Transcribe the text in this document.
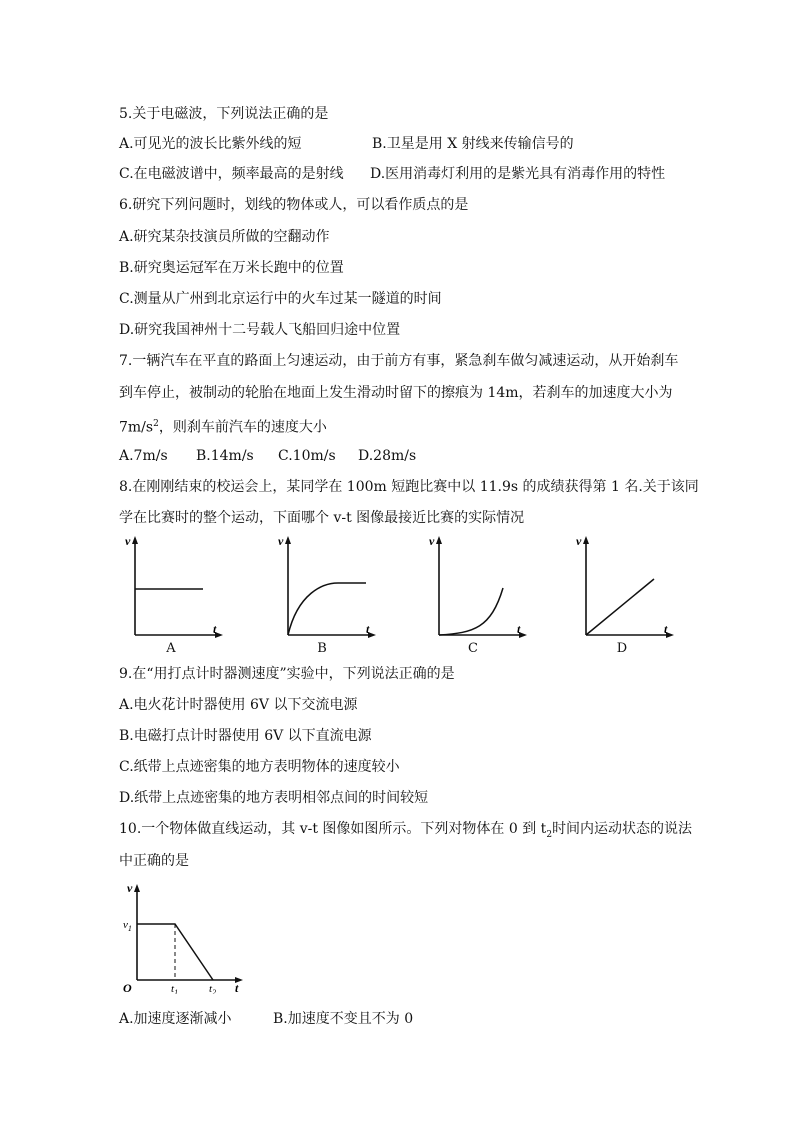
5.关于电磁波，下列说法正确的是
A.可见光的波长比紫外线的短	B.卫星是用 X 射线来传输信号的
C.在电磁波谱中，频率最高的是射线 D.医用消毒灯利用的是紫光具有消毒作用的特性
6.研究下列问题时，划线的物体或人，可以看作质点的是
A.研究某杂技演员所做的空翻动作
B.研究奥运冠军在万米长跑中的位置
C.测量从广州到北京运行中的火车过某一隧道的时间
D.研究我国神州十二号载人飞船回归途中位置
7.一辆汽车在平直的路面上匀速运动，由于前方有事，紧急刹车做匀减速运动，从开始刹车
到车停止，被制动的轮胎在地面上发生滑动时留下的擦痕为 14m，若刹车的加速度大小为
$7m/s^2$，则刹车前汽车的速度大小
A.7m/s B.14m/s C.10m/s D.28m/s
8.在刚刚结束的校运会上，某同学在 100m 短跑比赛中以 11.9s 的成绩获得第 1 名.关于该同
学在比赛时的整个运动，下面哪个 v-t 图像最接近比赛的实际情况
v
t
A
v
t
B
v
t
C
v
t
D
9.在“用打点计时器测速度”实验中，下列说法正确的是
A.电火花计时器使用 6V 以下交流电源
B.电磁打点计时器使用 6V 以下直流电源
C.纸带上点迹密集的地方表明物体的速度较小
D.纸带上点迹密集的地方表明相邻点间的时间较短
10.一个物体做直线运动，其 v-t 图像如图所示。下列对物体在 0 到 $t_2$时间内运动状态的说法
中正确的是
v
t
O
$v_1$
$t_1$	$t_2$
A.加速度逐渐减小	B.加速度不变且不为 0
